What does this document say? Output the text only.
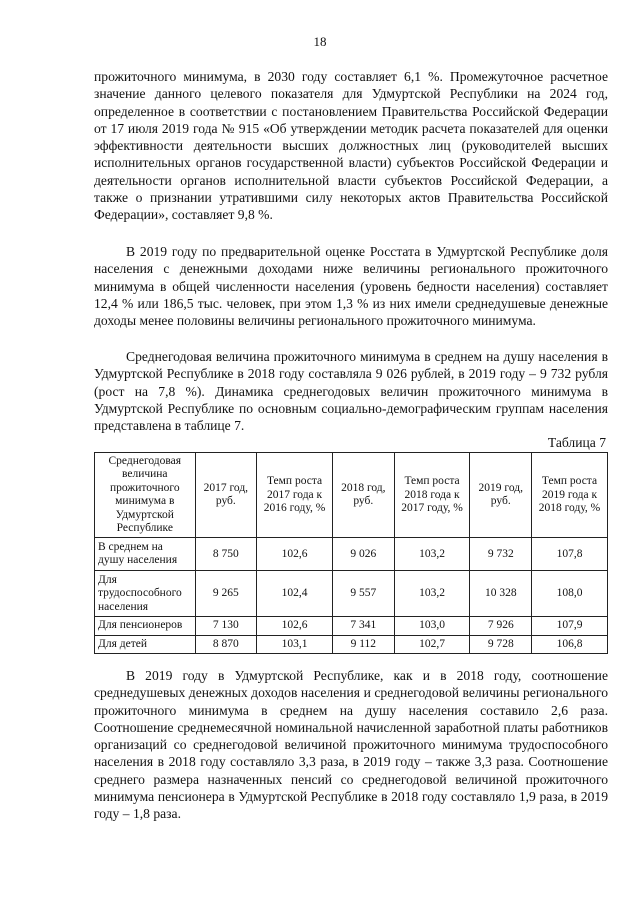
18

прожиточного минимума, в 2030 году составляет 6,1 %. Промежуточное расчетное значение данного целевого показателя для Удмуртской Республики на 2024 год, определенное в соответствии с постановлением Правительства Российской Федерации от 17 июля 2019 года № 915 «Об утверждении методик расчета показателей для оценки эффективности деятельности высших должностных лиц (руководителей высших исполнительных органов государственной власти) субъектов Российской Федерации и деятельности органов исполнительной власти субъектов Российской Федерации, а также о признании утратившими силу некоторых актов Правительства Российской Федерации», составляет 9,8 %.

В 2019 году по предварительной оценке Росстата в Удмуртской Республике доля населения с денежными доходами ниже величины регионального прожиточного минимума в общей численности населения (уровень бедности населения) составляет 12,4 % или 186,5 тыс. человек, при этом 1,3 % из них имели среднедушевые денежные доходы менее половины величины регионального прожиточного минимума.

Среднегодовая величина прожиточного минимума в среднем на душу населения в Удмуртской Республике в 2018 году составляла 9 026 рублей, в 2019 году – 9 732 рубля (рост на 7,8 %). Динамика среднегодовых величин прожиточного минимума в Удмуртской Республике по основным социально-демографическим группам населения представлена в таблице 7.

Таблица 7
Среднегодовая величина прожиточного минимума в Удмуртской Республике	2017 год, руб.	Темп роста 2017 года к 2016 году, %	2018 год, руб.	Темп роста 2018 года к 2017 году, %	2019 год, руб.	Темп роста 2019 года к 2018 году, %
В среднем на душу населения	8 750	102,6	9 026	103,2	9 732	107,8
Для трудоспособного населения	9 265	102,4	9 557	103,2	10 328	108,0
Для пенсионеров	7 130	102,6	7 341	103,0	7 926	107,9
Для детей	8 870	103,1	9 112	102,7	9 728	106,8

В 2019 году в Удмуртской Республике, как и в 2018 году, соотношение среднедушевых денежных доходов населения и среднегодовой величины регионального прожиточного минимума в среднем на душу населения составило 2,6 раза. Соотношение среднемесячной номинальной начисленной заработной платы работников организаций со среднегодовой величиной прожиточного минимума трудоспособного населения в 2018 году составляло 3,3 раза, в 2019 году – также 3,3 раза. Соотношение среднего размера назначенных пенсий со среднегодовой величиной прожиточного минимума пенсионера в Удмуртской Республике в 2018 году составляло 1,9 раза, в 2019 году – 1,8 раза.
